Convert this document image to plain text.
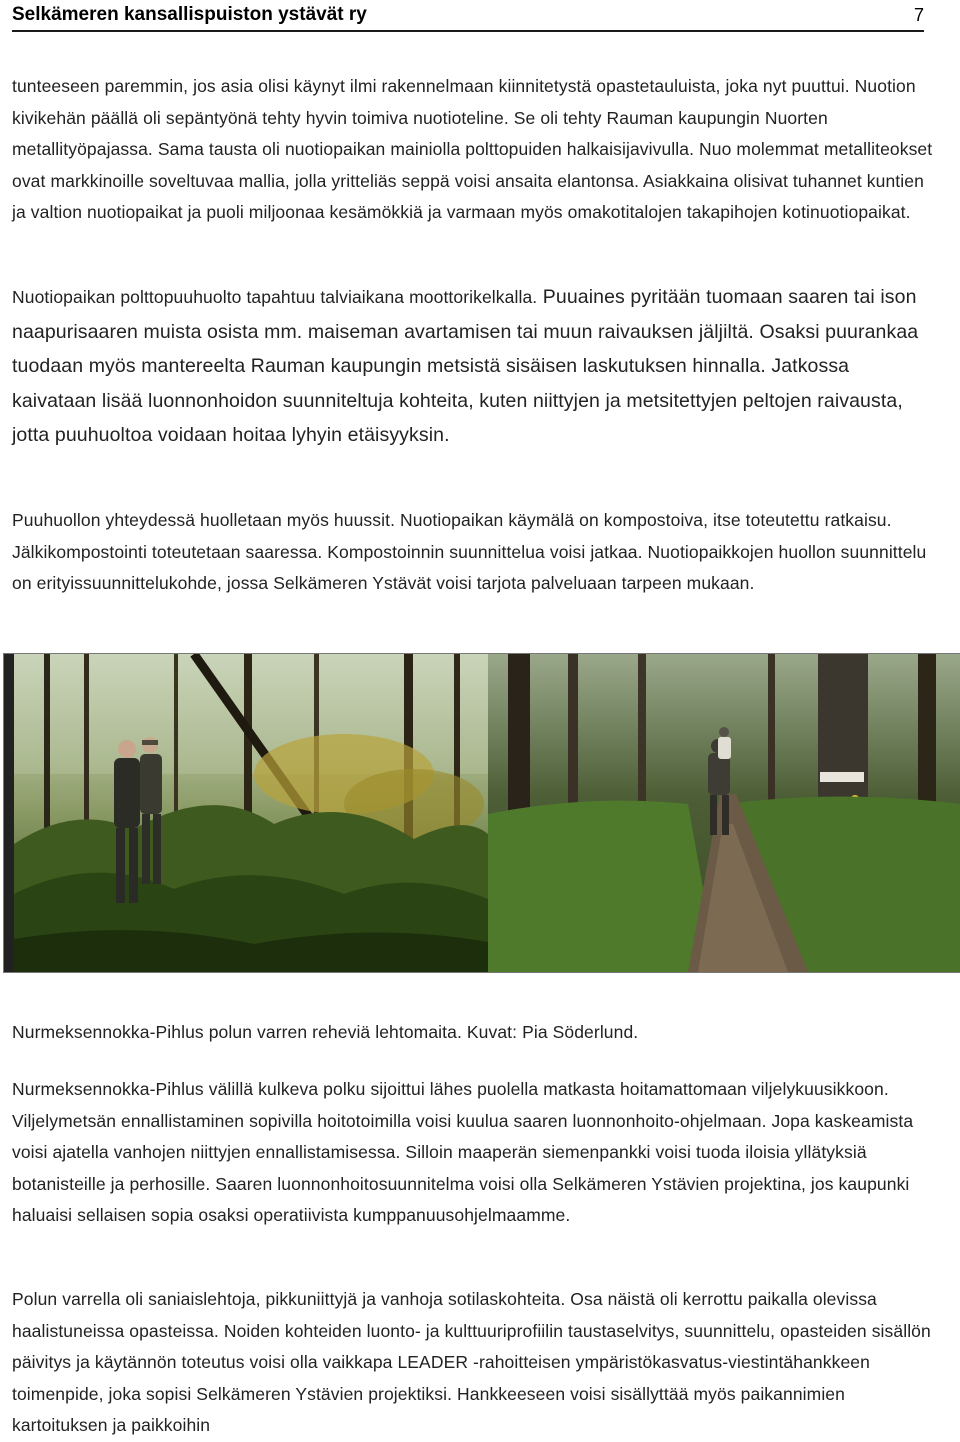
Selkämeren kansallispuiston ystävät ry	7

tunteeseen paremmin, jos asia olisi käynyt ilmi rakennelmaan kiinnitetystä opastetauluista, joka nyt puuttui. Nuotion kivikehän päällä oli sepäntyönä tehty hyvin toimiva nuotioteline. Se oli tehty Rauman kaupungin Nuorten metallityöpajassa. Sama tausta oli nuotiopaikan mainiolla polttopuiden halkaisijavivulla. Nuo molemmat metalliteokset ovat markkinoille soveltuvaa mallia, jolla yritteliäs seppä voisi ansaita elantonsa. Asiakkaina olisivat tuhannet kuntien ja valtion nuotiopaikat ja puoli miljoonaa kesämökkiä ja varmaan myös omakotitalojen takapihojen kotinuotiopaikat.

Nuotiopaikan polttopuuhuolto tapahtuu talviaikana moottorikelkalla. Puuaines pyritään tuomaan saaren tai ison naapurisaaren muista osista mm. maiseman avartamisen tai muun raivauksen jäljiltä. Osaksi puurankaa tuodaan myös mantereelta Rauman kaupungin metsistä sisäisen laskutuksen hinnalla. Jatkossa kaivataan lisää luonnonhoidon suunniteltuja kohteita, kuten niittyjen ja metsitettyjen peltojen raivausta, jotta puuhuoltoa voidaan hoitaa lyhyin etäisyyksin.

Puuhuollon yhteydessä huolletaan myös huussit. Nuotiopaikan käymälä on kompostoiva, itse toteutettu ratkaisu. Jälkikompostointi toteutetaan saaressa. Kompostoinnin suunnittelua voisi jatkaa. Nuotiopaikkojen huollon suunnittelu on erityissuunnittelukohde, jossa Selkämeren Ystävät voisi tarjota palveluaan tarpeen mukaan.

Nurmeksennokka-Pihlus polun varren reheviä lehtomaita. Kuvat: Pia Söderlund.

Nurmeksennokka-Pihlus välillä kulkeva polku sijoittui lähes puolella matkasta hoitamattomaan viljelykuusikkoon. Viljelymetsän ennallistaminen sopivilla hoitotoimilla voisi kuulua saaren luonnonhoito-ohjelmaan. Jopa kaskeamista voisi ajatella vanhojen niittyjen ennallistamisessa. Silloin maaperän siemenpankki voisi tuoda iloisia yllätyksiä botanisteille ja perhosille. Saaren luonnonhoitosuunnitelma voisi olla Selkämeren Ystävien projektina, jos kaupunki haluaisi sellaisen sopia osaksi operatiivista kumppanuusohjelmaamme.

Polun varrella oli saniaislehtoja, pikkuniittyjä ja vanhoja sotilaskohteita. Osa näistä oli kerrottu paikalla olevissa haalistuneissa opasteissa. Noiden kohteiden luonto- ja kulttuuriprofiilin taustaselvitys, suunnittelu, opasteiden sisällön päivitys ja käytännön toteutus voisi olla vaikkapa LEADER -rahoitteisen ympäristökasvatus-viestintähankkeen toimenpide, joka sopisi Selkämeren Ystävien projektiksi. Hankkeeseen voisi sisällyttää myös paikannimien kartoituksen ja paikkoihin
